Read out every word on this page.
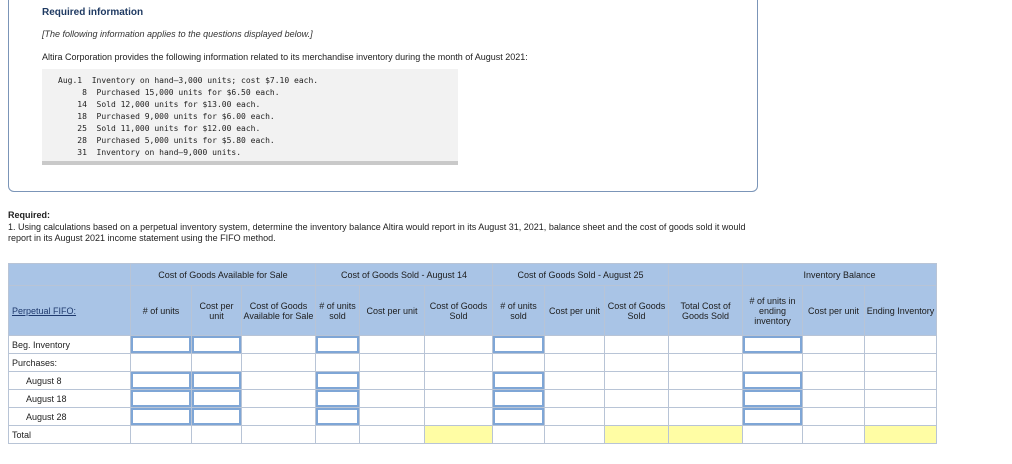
Required information
[The following information applies to the questions displayed below.]
Altira Corporation provides the following information related to its merchandise inventory during the month of August 2021:
Aug.1  Inventory on hand—3,000 units; cost $7.10 each.
8  Purchased 15,000 units for $6.50 each.
14  Sold 12,000 units for $13.00 each.
18  Purchased 9,000 units for $6.00 each.
25  Sold 11,000 units for $12.00 each.
28  Purchased 5,000 units for $5.80 each.
31  Inventory on hand—9,000 units.
Required:
1. Using calculations based on a perpetual inventory system, determine the inventory balance Altira would report in its August 31, 2021, balance sheet and the cost of goods sold it would report in its August 2021 income statement using the FIFO method.
	Cost of Goods Available for Sale			Cost of Goods Sold - August 14			Cost of Goods Sold - August 25				Inventory Balance		
Perpetual FIFO:	# of units	Cost per unit	Cost of Goods Available for Sale	# of units sold	Cost per unit	Cost of Goods Sold	# of units sold	Cost per unit	Cost of Goods Sold	Total Cost of Goods Sold	# of units in ending inventory	Cost per unit	Ending Inventory
Beg. Inventory	

Purchases:													
August 8	

August 18	

August 28	

Total													
